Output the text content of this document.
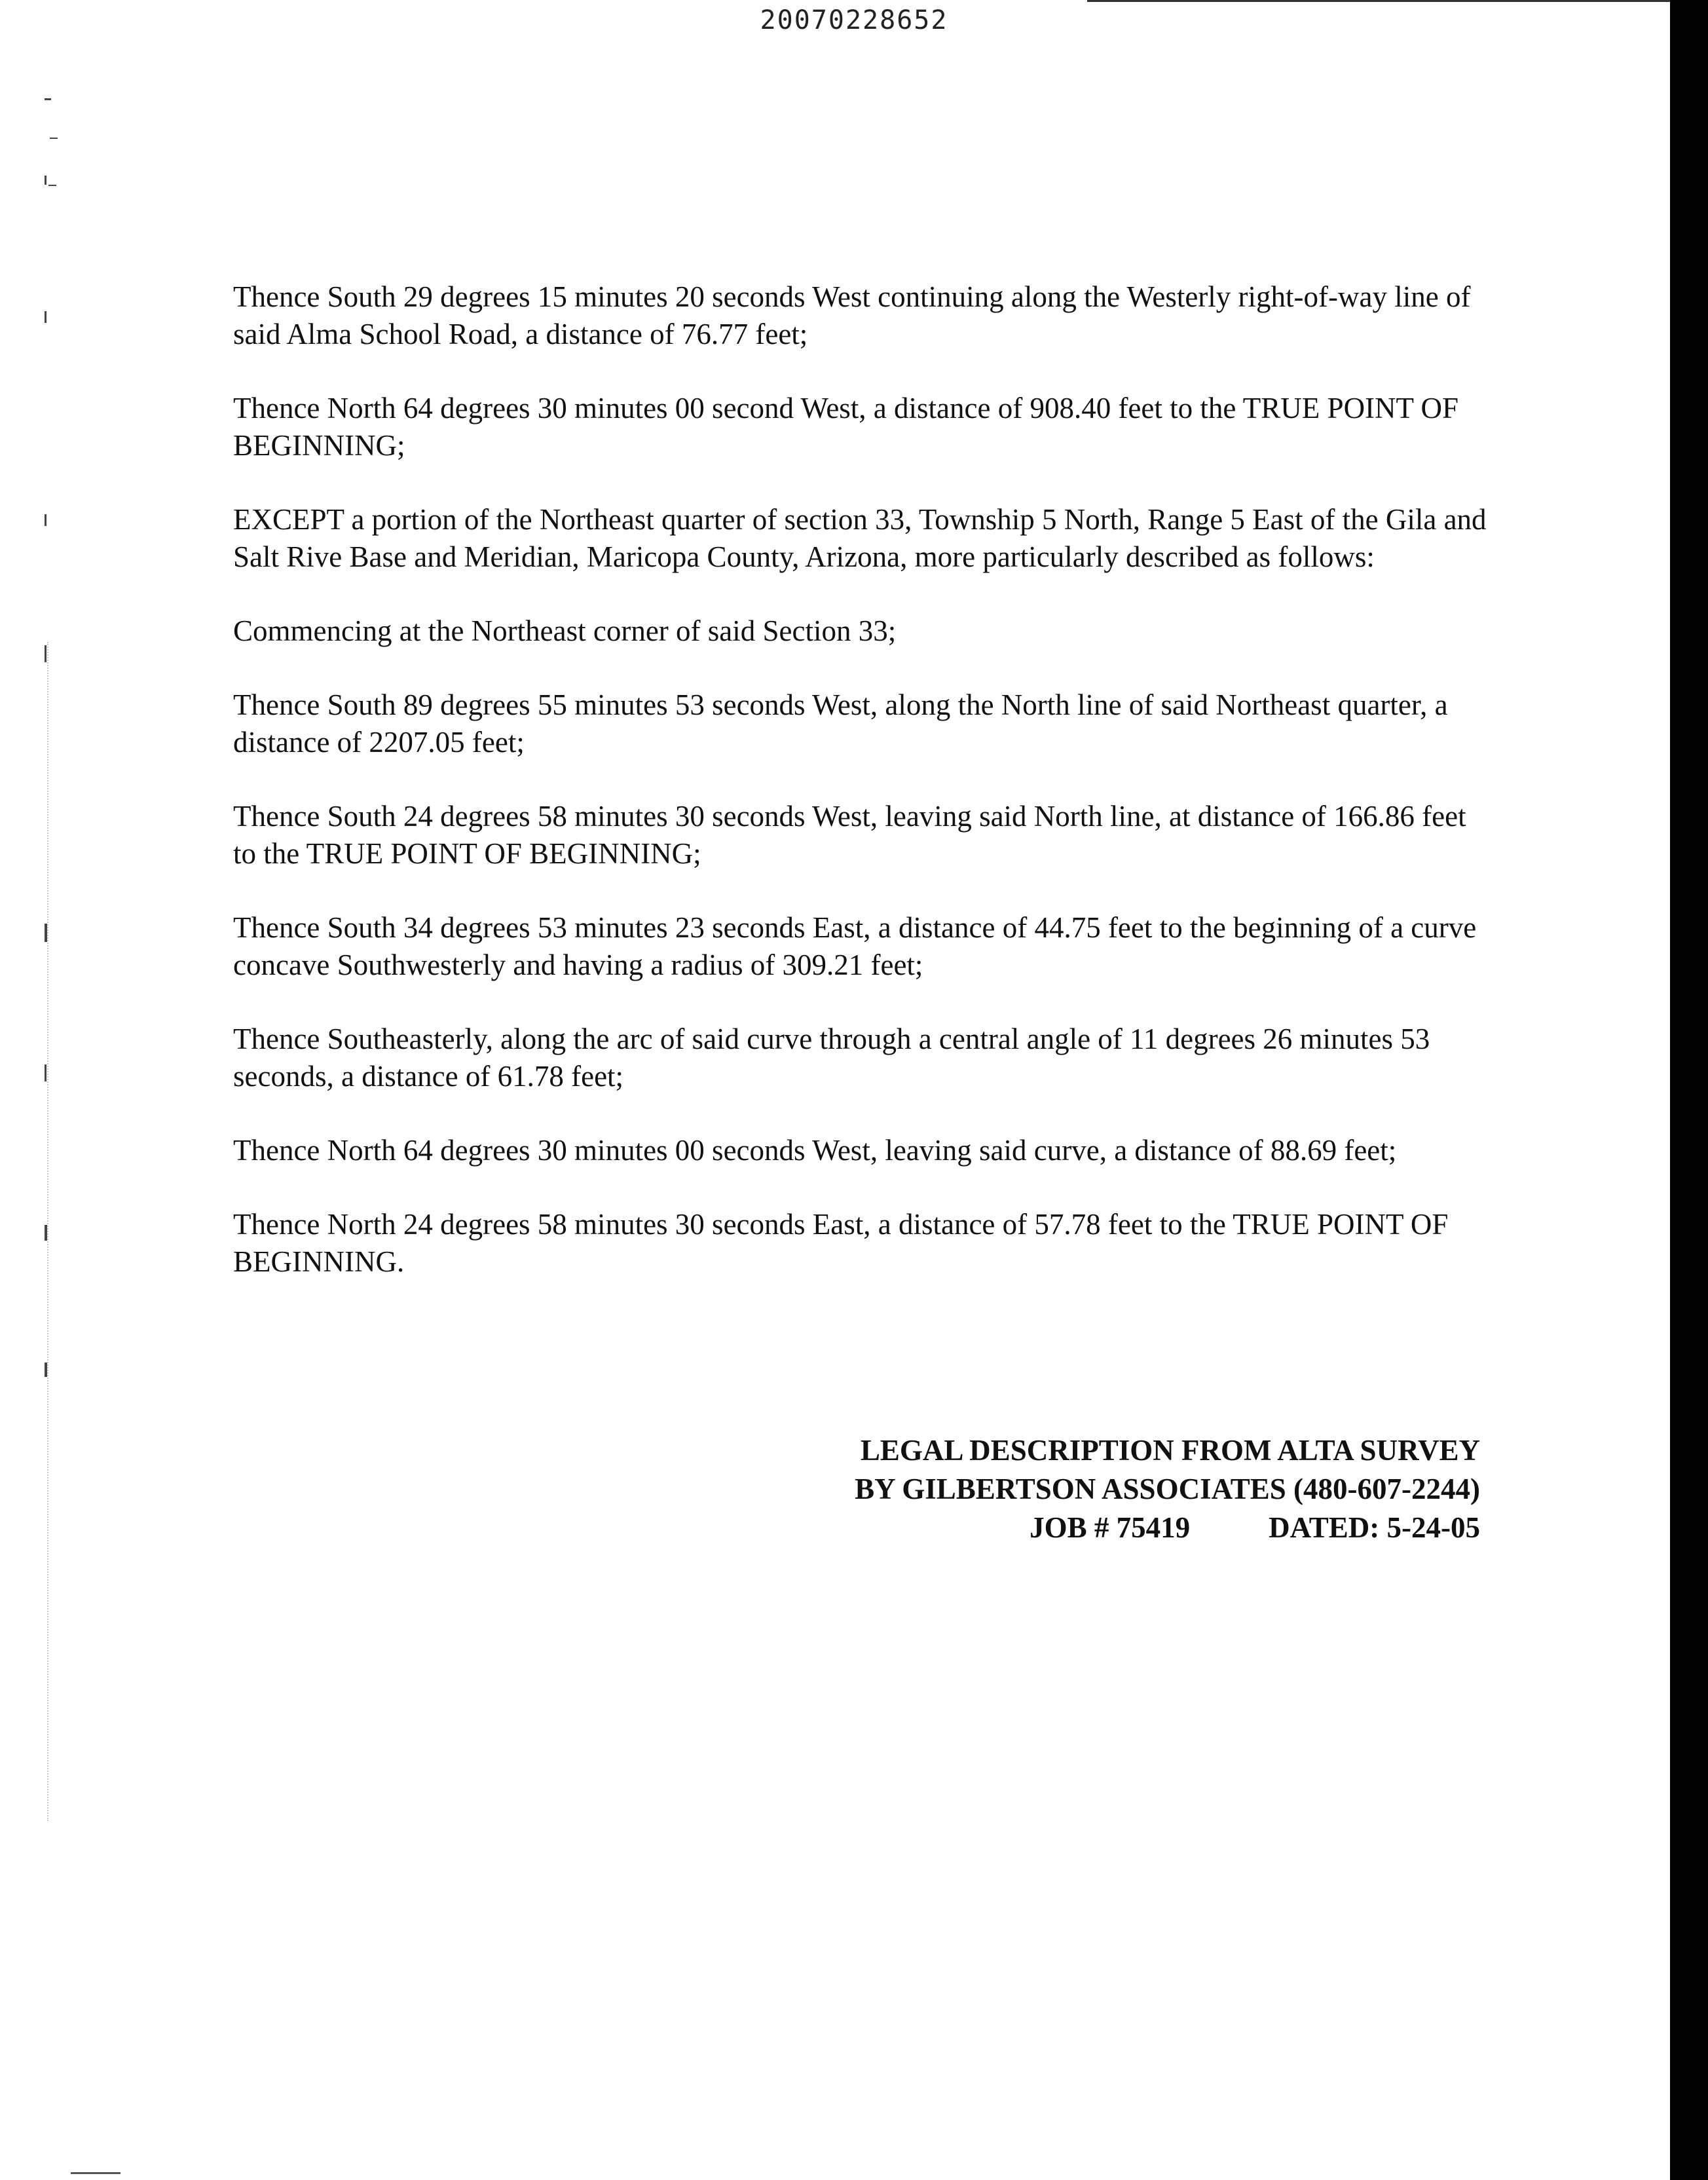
20070228652

Thence South 29 degrees 15 minutes 20 seconds West continuing along the Westerly right-of-way line of said Alma School Road, a distance of 76.77 feet;

Thence North 64 degrees 30 minutes 00 second West, a distance of 908.40 feet to the TRUE POINT OF BEGINNING;

EXCEPT a portion of the Northeast quarter of section 33, Township 5 North, Range 5 East of the Gila and Salt Rive Base and Meridian, Maricopa County, Arizona, more particularly described as follows:

Commencing at the Northeast corner of said Section 33;

Thence South 89 degrees 55 minutes 53 seconds West, along the North line of said Northeast quarter, a distance of 2207.05 feet;

Thence South 24 degrees 58 minutes 30 seconds West, leaving said North line, at distance of 166.86 feet to the TRUE POINT OF BEGINNING;

Thence South 34 degrees 53 minutes 23 seconds East, a distance of 44.75 feet to the beginning of a curve concave Southwesterly and having a radius of 309.21 feet;

Thence Southeasterly, along the arc of said curve through a central angle of 11 degrees 26 minutes 53 seconds, a distance of 61.78 feet;

Thence North 64 degrees 30 minutes 00 seconds West, leaving said curve, a distance of 88.69 feet;

Thence North 24 degrees 58 minutes 30 seconds East, a distance of 57.78 feet to the TRUE POINT OF BEGINNING.

LEGAL DESCRIPTION FROM ALTA SURVEY
BY GILBERTSON ASSOCIATES (480-607-2244)
JOB # 75419	DATED: 5-24-05
